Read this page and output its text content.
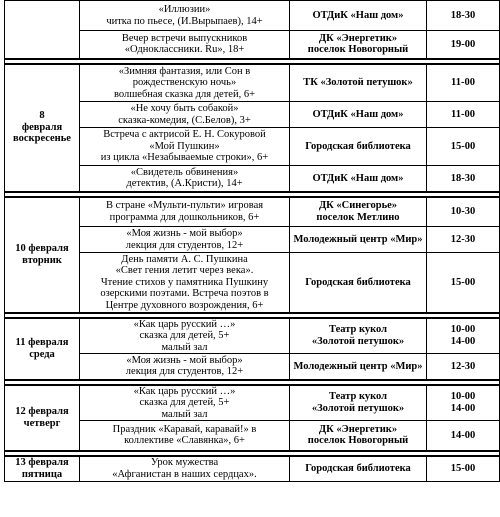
	«Иллюзии»
читка по пьесе, (И.Вырыпаев), 14+	ОТДиК «Наш дом»	18-30

	Вечер встречи выпускников
«Одноклассники. Ru», 18+	ДК «Энергетик»
поселок Новогорный	19-00

8
февраля
воскресенье	«Зимняя фантазия, или Сон в
рождественскую ночь»
волшебная сказка для детей, 6+	ТК «Золотой петушок»	11-00

	«Не хочу быть собакой»
сказка-комедия, (С.Белов), 3+	ОТДиК «Наш дом»	11-00

	Встреча с актрисой Е. Н. Сокуровой
«Мой Пушкин»
из цикла «Незабываемые строки», 6+	Городская библиотека	15-00

	«Свидетель обвинения»
детектив, (А.Кристи), 14+	ОТДиК «Наш дом»	18-30

10 февраля
вторник	В стране «Мульти-пульти» игровая
программа для дошкольников, 6+	ДК «Синегорье»
поселок Метлино	10-30

	«Моя жизнь - мой выбор»
лекция для студентов, 12+	Молодежный центр «Мир»	12-30

	День памяти А. С. Пушкина
«Свет гения летит через века».
Чтение стихов у памятника Пушкину
озерскими поэтами. Встреча поэтов в
Центре духовного возрождения, 6+	Городская библиотека	15-00

11 февраля
среда	«Как царь русский …»
сказка для детей, 5+
малый зал	Театр кукол
«Золотой петушок»	10-00
14-00

	«Моя жизнь - мой выбор»
лекция для студентов, 12+	Молодежный центр «Мир»	12-30

12 февраля
четверг	«Как царь русский …»
сказка для детей, 5+
малый зал	Театр кукол
«Золотой петушок»	10-00
14-00

	Праздник «Каравай, каравай!» в
коллективе «Славянка», 6+	ДК «Энергетик»
поселок Новогорный	14-00

13 февраля
пятница	Урок мужества
«Афганистан в наших сердцах».	Городская библиотека	15-00
